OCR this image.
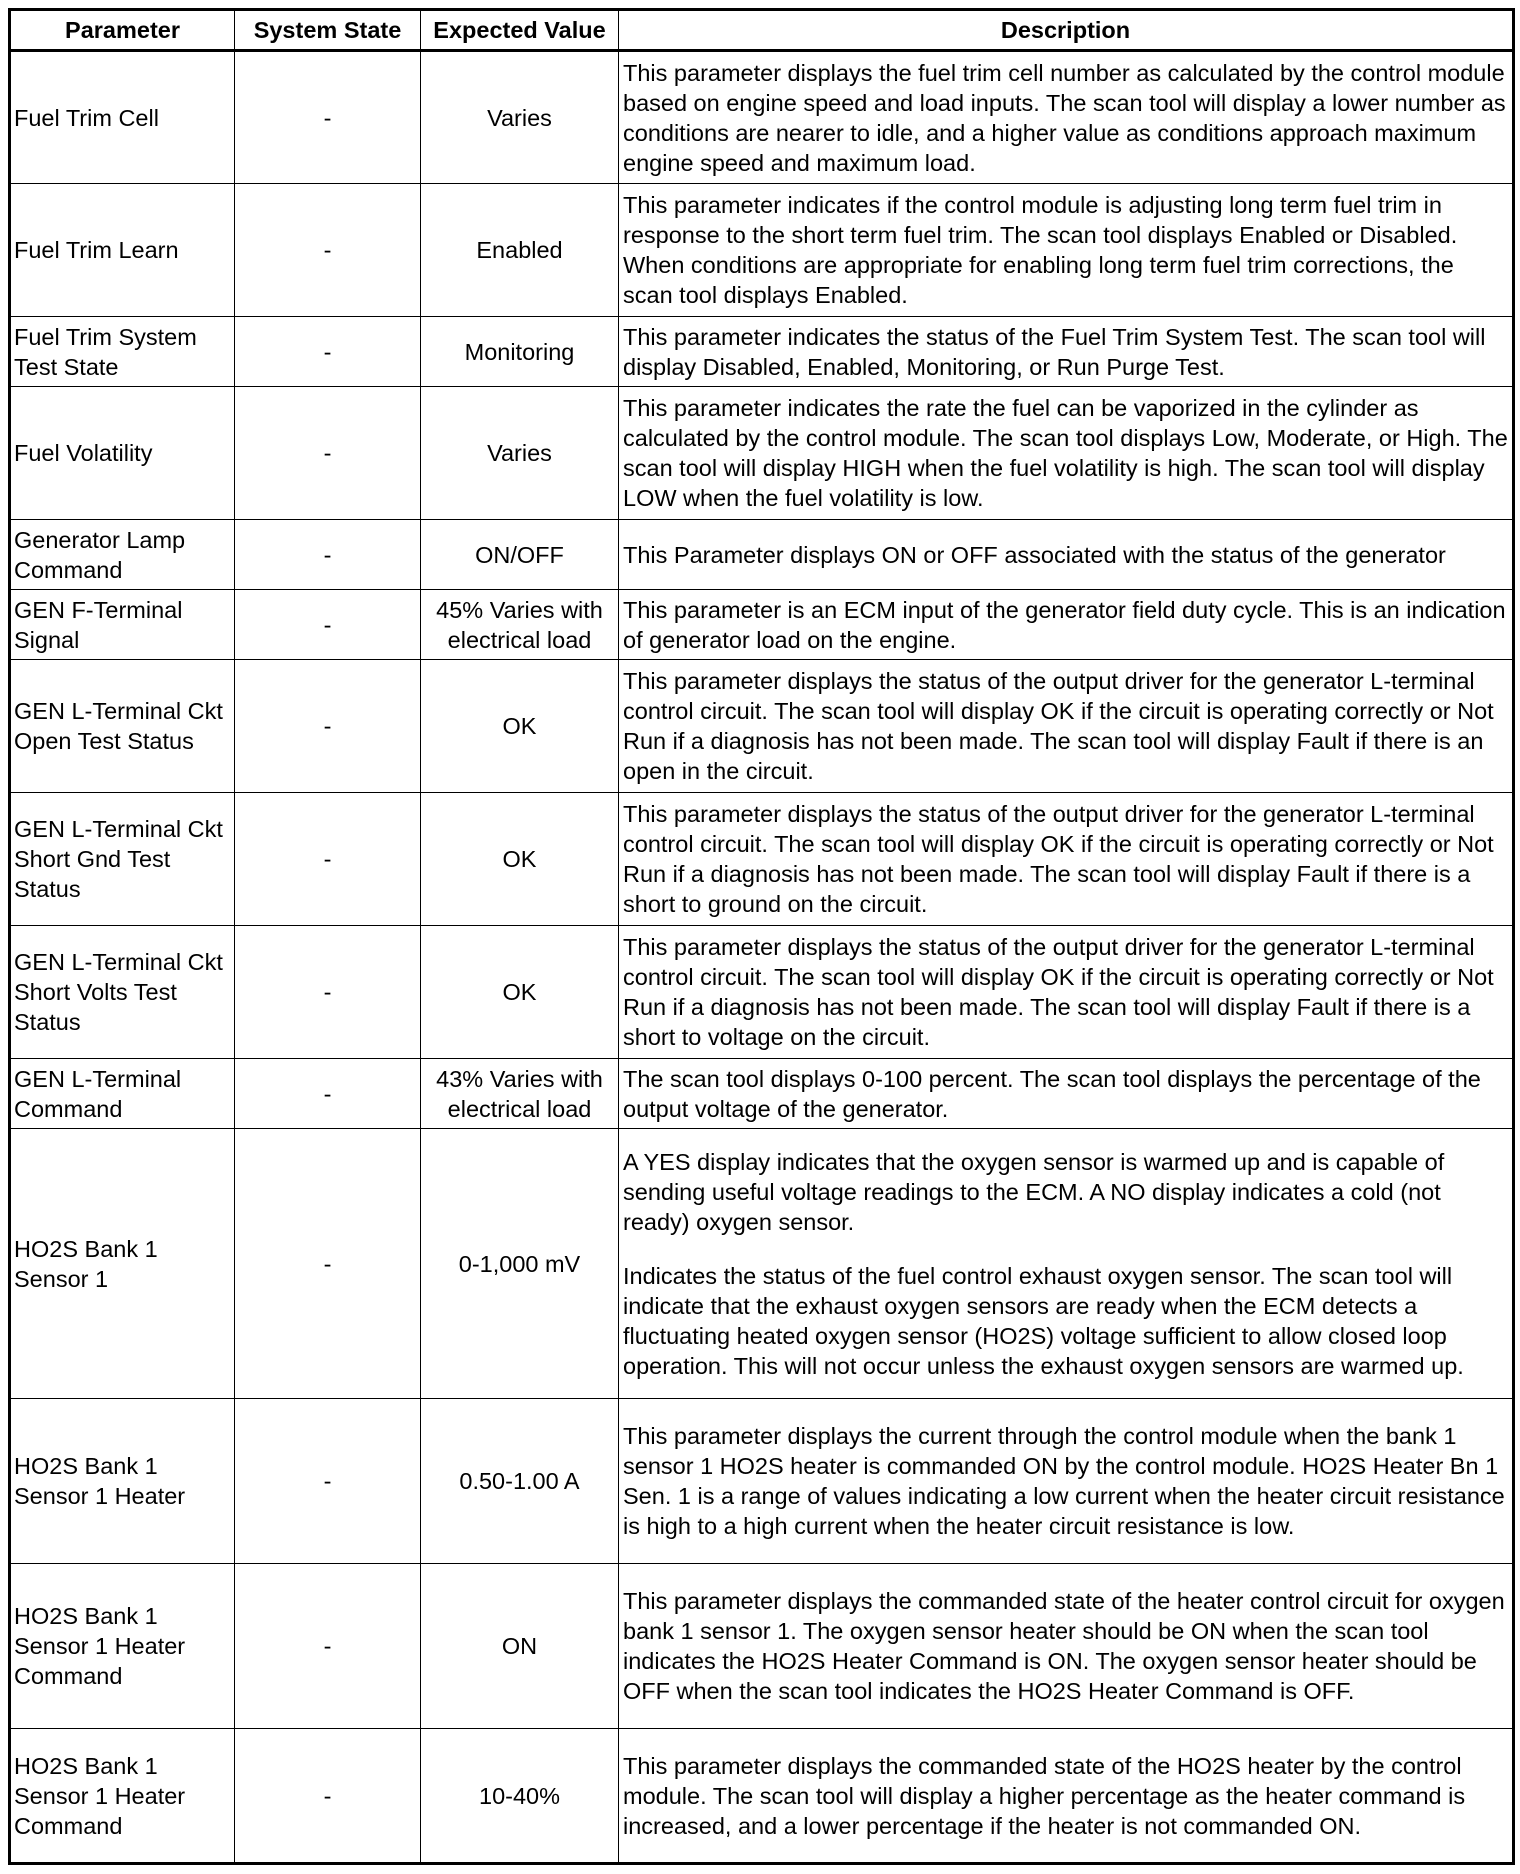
Parameter	System State	Expected Value	Description
Fuel Trim Cell	-	Varies	This parameter displays the fuel trim cell number as calculated by the control module based on engine speed and load inputs. The scan tool will display a lower number as conditions are nearer to idle, and a higher value as conditions approach maximum engine speed and maximum load.

Fuel Trim Learn	-	Enabled	This parameter indicates if the control module is adjusting long term fuel trim in response to the short term fuel trim. The scan tool displays Enabled or Disabled. When conditions are appropriate for enabling long term fuel trim corrections, the scan tool displays Enabled.

Fuel Trim System Test State	-	Monitoring	This parameter indicates the status of the Fuel Trim System Test. The scan tool will display Disabled, Enabled, Monitoring, or Run Purge Test.

Fuel Volatility	-	Varies	This parameter indicates the rate the fuel can be vaporized in the cylinder as calculated by the control module. The scan tool displays Low, Moderate, or High. The scan tool will display HIGH when the fuel volatility is high. The scan tool will display LOW when the fuel volatility is low.

Generator Lamp Command	-	ON/OFF	This Parameter displays ON or OFF associated with the status of the generator

GEN F-Terminal Signal	-	45% Varies with electrical load	This parameter is an ECM input of the generator field duty cycle. This is an indication of generator load on the engine.

GEN L-Terminal Ckt Open Test Status	-	OK	This parameter displays the status of the output driver for the generator L-terminal control circuit. The scan tool will display OK if the circuit is operating correctly or Not Run if a diagnosis has not been made. The scan tool will display Fault if there is an open in the circuit.

GEN L-Terminal Ckt Short Gnd Test Status	-	OK	This parameter displays the status of the output driver for the generator L-terminal control circuit. The scan tool will display OK if the circuit is operating correctly or Not Run if a diagnosis has not been made. The scan tool will display Fault if there is a short to ground on the circuit.

GEN L-Terminal Ckt Short Volts Test Status	-	OK	This parameter displays the status of the output driver for the generator L-terminal control circuit. The scan tool will display OK if the circuit is operating correctly or Not Run if a diagnosis has not been made. The scan tool will display Fault if there is a short to voltage on the circuit.

GEN L-Terminal Command	-	43% Varies with electrical load	The scan tool displays 0-100 percent. The scan tool displays the percentage of the output voltage of the generator.

HO2S Bank 1 Sensor 1	-	0-1,000 mV	A YES display indicates that the oxygen sensor is warmed up and is capable of sending useful voltage readings to the ECM. A NO display indicates a cold (not ready) oxygen sensor.
Indicates the status of the fuel control exhaust oxygen sensor. The scan tool will indicate that the exhaust oxygen sensors are ready when the ECM detects a fluctuating heated oxygen sensor (HO2S) voltage sufficient to allow closed loop operation. This will not occur unless the exhaust oxygen sensors are warmed up.

HO2S Bank 1 Sensor 1 Heater	-	0.50-1.00 A	This parameter displays the current through the control module when the bank 1 sensor 1 HO2S heater is commanded ON by the control module. HO2S Heater Bn 1 Sen. 1 is a range of values indicating a low current when the heater circuit resistance is high to a high current when the heater circuit resistance is low.

HO2S Bank 1 Sensor 1 Heater Command	-	ON	This parameter displays the commanded state of the heater control circuit for oxygen bank 1 sensor 1. The oxygen sensor heater should be ON when the scan tool indicates the HO2S Heater Command is ON. The oxygen sensor heater should be OFF when the scan tool indicates the HO2S Heater Command is OFF.

HO2S Bank 1 Sensor 1 Heater Command	-	10-40%	This parameter displays the commanded state of the HO2S heater by the control module. The scan tool will display a higher percentage as the heater command is increased, and a lower percentage if the heater is not commanded ON.
